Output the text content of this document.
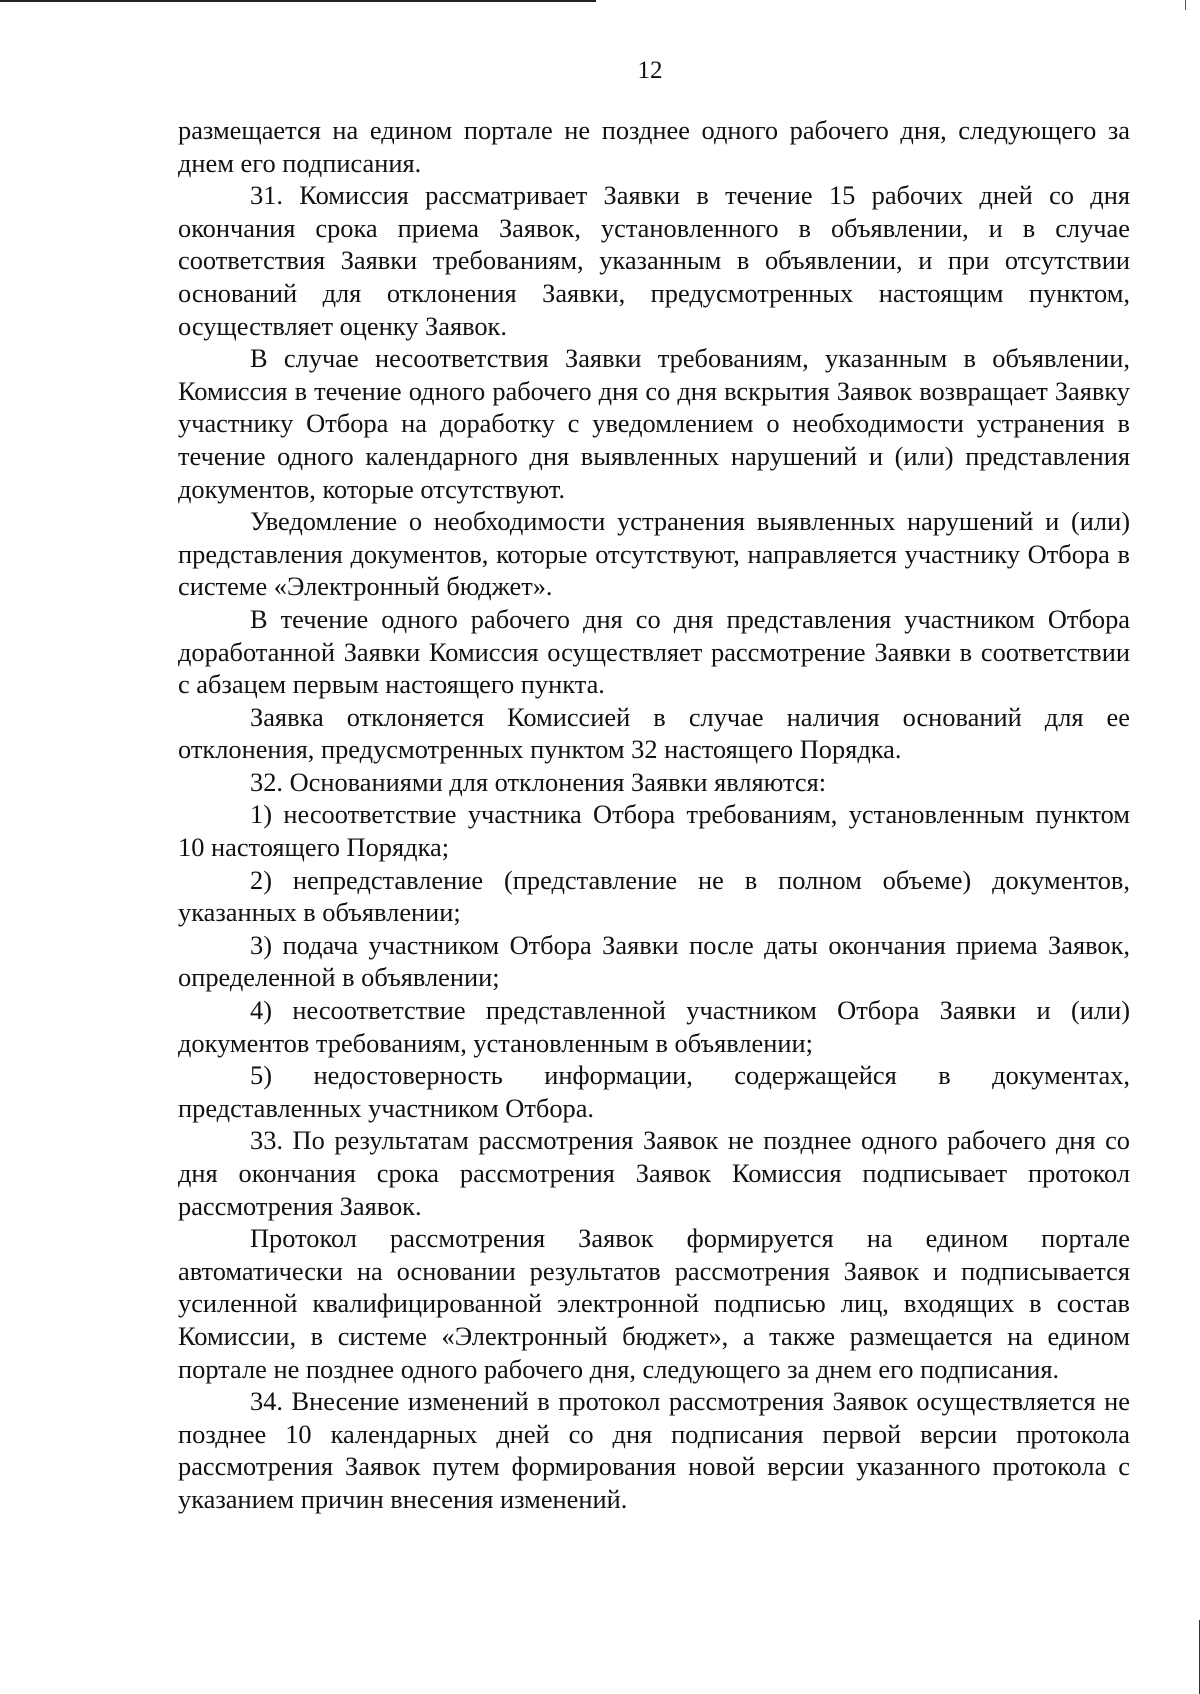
12

размещается на едином портале не позднее одного рабочего дня, следующего за днем его подписания.

31. Комиссия рассматривает Заявки в течение 15 рабочих дней со дня окончания срока приема Заявок, установленного в объявлении, и в случае соответствия Заявки требованиям, указанным в объявлении, и при отсутствии оснований для отклонения Заявки, предусмотренных настоящим пунктом, осуществляет оценку Заявок.

В случае несоответствия Заявки требованиям, указанным в объявлении, Комиссия в течение одного рабочего дня со дня вскрытия Заявок возвращает Заявку участнику Отбора на доработку с уведомлением о необходимости устранения в течение одного календарного дня выявленных нарушений и (или) представления документов, которые отсутствуют.

Уведомление о необходимости устранения выявленных нарушений и (или) представления документов, которые отсутствуют, направляется участнику Отбора в системе «Электронный бюджет».

В течение одного рабочего дня со дня представления участником Отбора доработанной Заявки Комиссия осуществляет рассмотрение Заявки в соответствии с абзацем первым настоящего пункта.

Заявка отклоняется Комиссией в случае наличия оснований для ее отклонения, предусмотренных пунктом 32 настоящего Порядка.

32. Основаниями для отклонения Заявки являются:

1) несоответствие участника Отбора требованиям, установленным пунктом 10 настоящего Порядка;

2) непредставление (представление не в полном объеме) документов, указанных в объявлении;

3) подача участником Отбора Заявки после даты окончания приема Заявок, определенной в объявлении;

4) несоответствие представленной участником Отбора Заявки и (или) документов требованиям, установленным в объявлении;

5) недостоверность информации, содержащейся в документах, представленных участником Отбора.

33. По результатам рассмотрения Заявок не позднее одного рабочего дня со дня окончания срока рассмотрения Заявок Комиссия подписывает протокол рассмотрения Заявок.

Протокол рассмотрения Заявок формируется на едином портале автоматически на основании результатов рассмотрения Заявок и подписывается усиленной квалифицированной электронной подписью лиц, входящих в состав Комиссии, в системе «Электронный бюджет», а также размещается на едином портале не позднее одного рабочего дня, следующего за днем его подписания.

34. Внесение изменений в протокол рассмотрения Заявок осуществляется не позднее 10 календарных дней со дня подписания первой версии протокола рассмотрения Заявок путем формирования новой версии указанного протокола с указанием причин внесения изменений.
